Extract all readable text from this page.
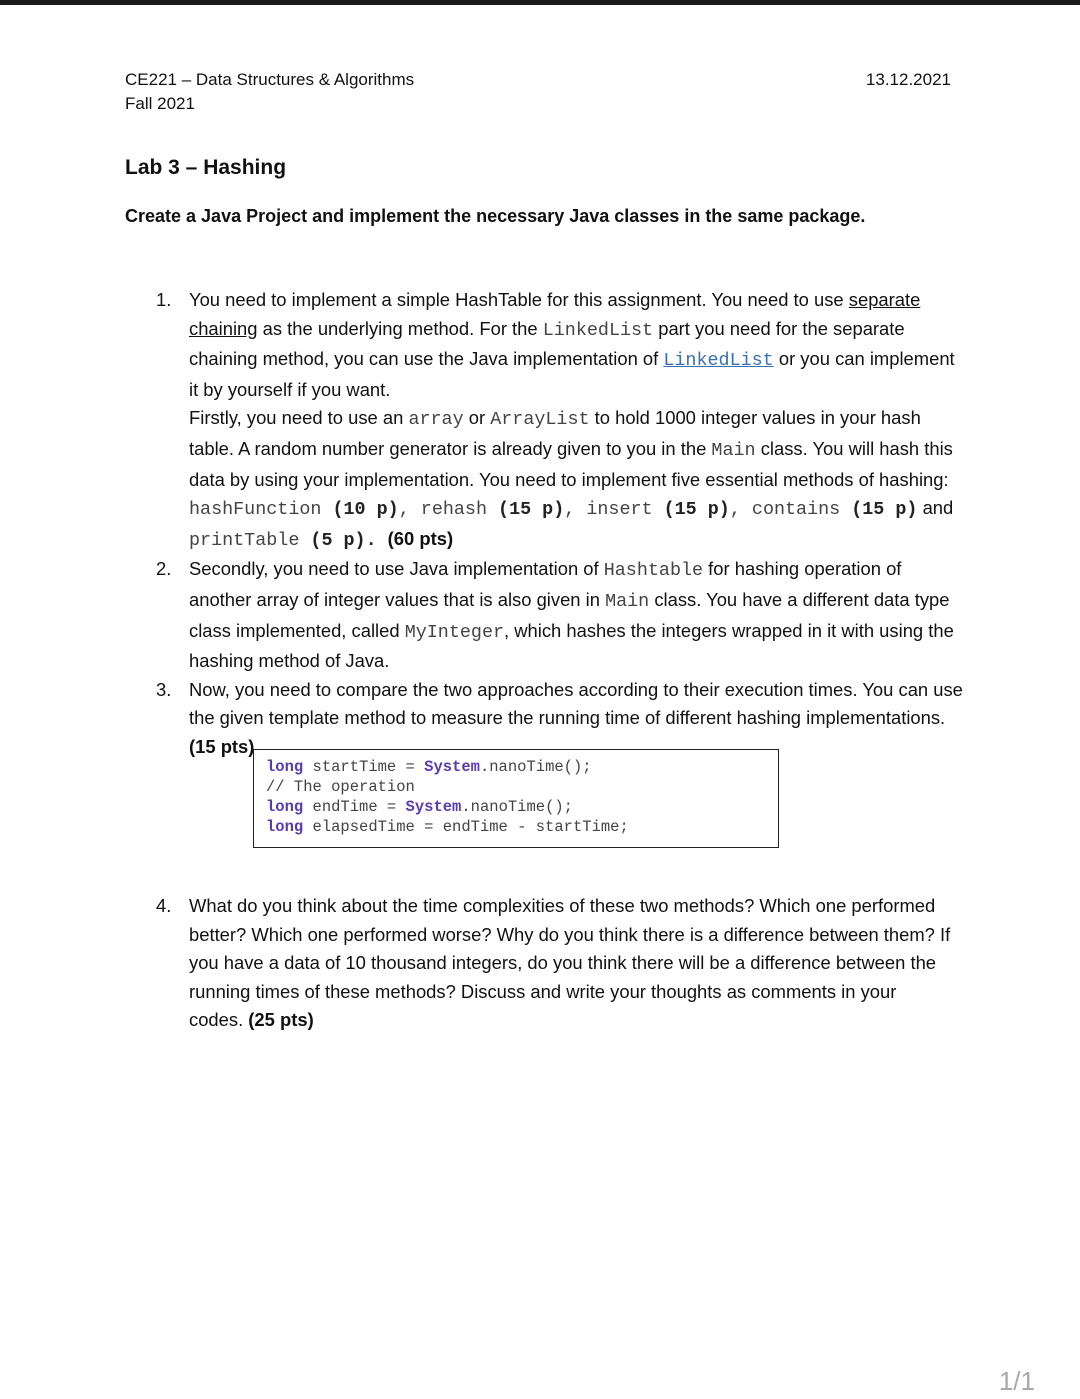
CE221 – Data Structures & Algorithms
Fall 2021
13.12.2021
Lab 3 – Hashing
Create a Java Project and implement the necessary Java classes in the same package.
1. You need to implement a simple HashTable for this assignment. You need to use separate chaining as the underlying method. For the LinkedList part you need for the separate chaining method, you can use the Java implementation of LinkedList or you can implement it by yourself if you want.
Firstly, you need to use an array or ArrayList to hold 1000 integer values in your hash table. A random number generator is already given to you in the Main class. You will hash this data by using your implementation. You need to implement five essential methods of hashing: hashFunction (10 p), rehash (15 p), insert (15 p), contains (15 p) and printTable (5 p). (60 pts)
2. Secondly, you need to use Java implementation of Hashtable for hashing operation of another array of integer values that is also given in Main class. You have a different data type class implemented, called MyInteger, which hashes the integers wrapped in it with using the hashing method of Java.
3. Now, you need to compare the two approaches according to their execution times. You can use the given template method to measure the running time of different hashing implementations. (15 pts)
long startTime = System.nanoTime();
// The operation
long endTime = System.nanoTime();
long elapsedTime = endTime - startTime;
4. What do you think about the time complexities of these two methods? Which one performed better? Which one performed worse? Why do you think there is a difference between them? If you have a data of 10 thousand integers, do you think there will be a difference between the running times of these methods? Discuss and write your thoughts as comments in your codes. (25 pts)
1/1
